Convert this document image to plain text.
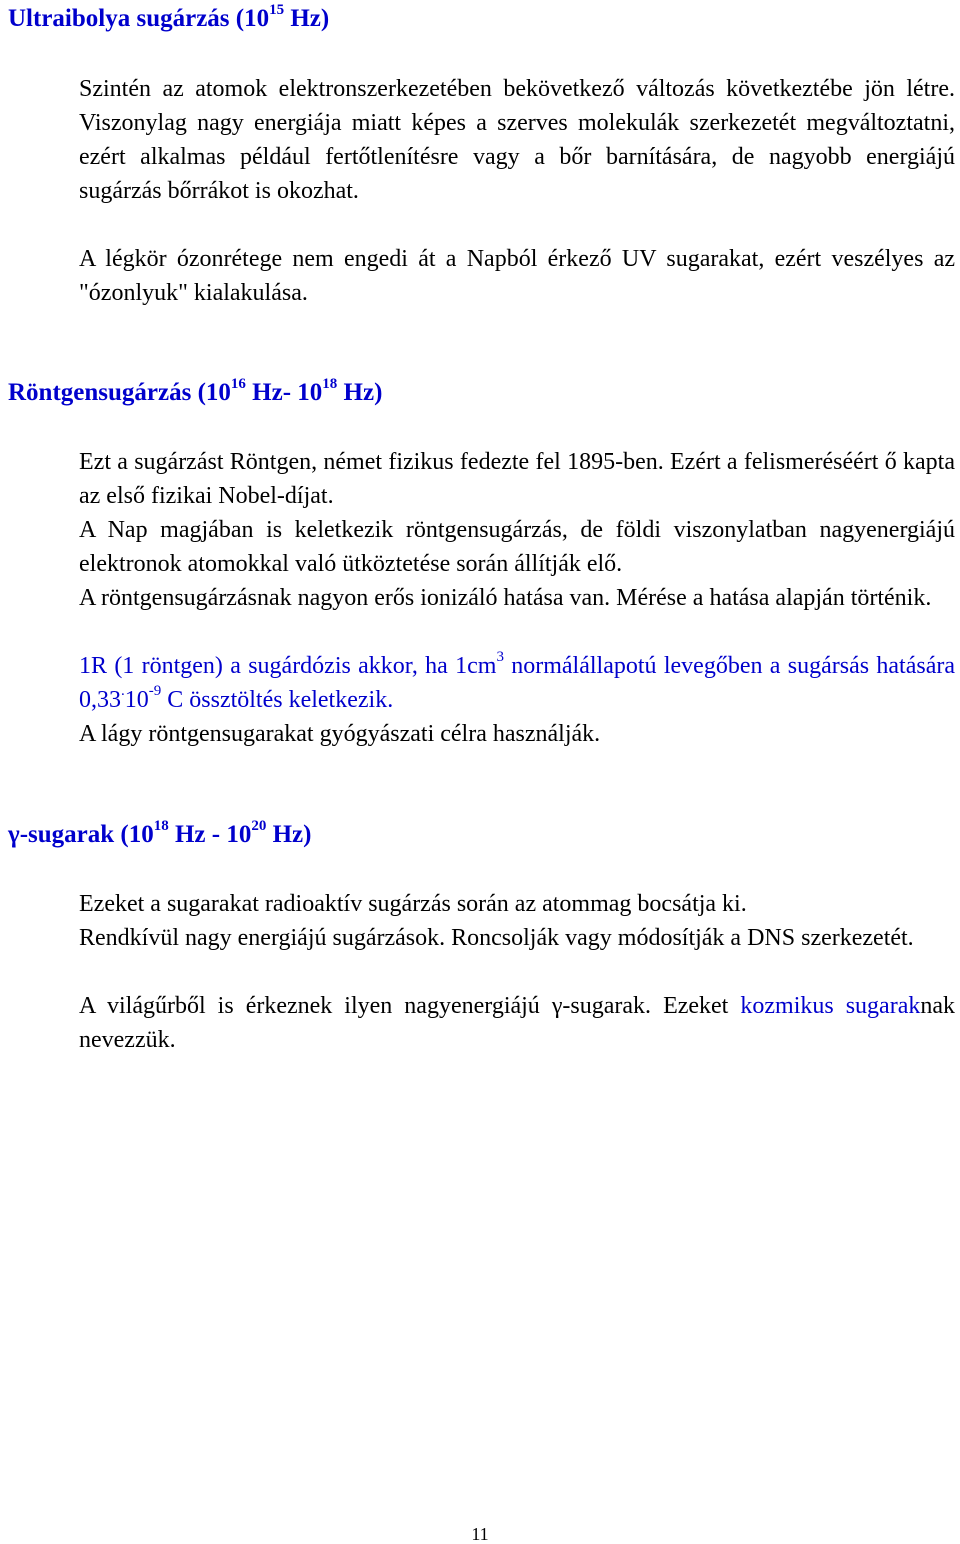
Ultraibolya sugárzás ($10^{15}$ Hz)

Szintén az atomok elektronszerkezetében bekövetkező változás következtébe jön létre. Viszonylag nagy energiája miatt képes a szerves molekulák szerkezetét megváltoztatni, ezért alkalmas például fertőtlenítésre vagy a bőr barnítására, de nagyobb energiájú sugárzás bőrrákot is okozhat.

A légkör ózonrétege nem engedi át a Napból érkező UV sugarakat, ezért veszélyes az "ózonlyuk" kialakulása.

Röntgensugárzás ($10^{16}$ Hz- $10^{18}$ Hz)

Ezt a sugárzást Röntgen, német fizikus fedezte fel 1895-ben. Ezért a felismeréséért ő kapta az első fizikai Nobel-díjat.

A Nap magjában is keletkezik röntgensugárzás, de földi viszonylatban nagyenergiájú elektronok atomokkal való ütköztetése során állítják elő.

A röntgensugárzásnak nagyon erős ionizáló hatása van. Mérése a hatása alapján történik.

1R (1 röntgen) a sugárdózis akkor, ha $1cm^3$ normálállapotú levegőben a sugársás hatására $0,33^.10^{-9}$ C össztöltés keletkezik.

A lágy röntgensugarakat gyógyászati célra használják.

γ-sugarak ($10^{18}$ Hz - $10^{20}$ Hz)

Ezeket a sugarakat radioaktív sugárzás során az atommag bocsátja ki.

Rendkívül nagy energiájú sugárzások. Roncsolják vagy módosítják a DNS szerkezetét.

A világűrből is érkeznek ilyen nagyenergiájú γ-sugarak. Ezeket kozmikus sugaraknak nevezzük.

11
